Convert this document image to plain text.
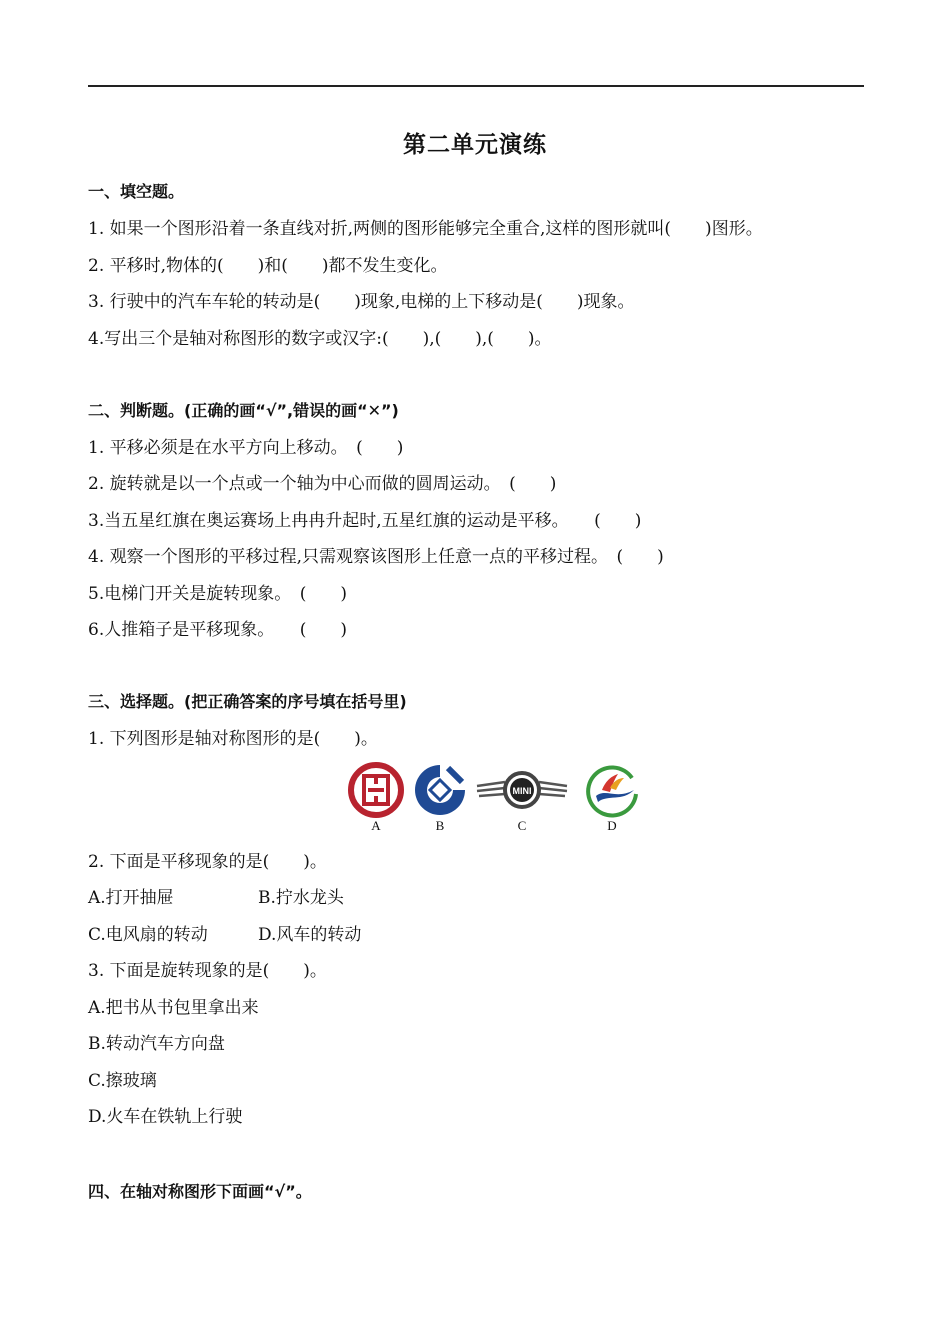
第二单元演练
一、填空题。
1. 如果一个图形沿着一条直线对折,两侧的图形能够完全重合,这样的图形就叫(　　)图形。
2. 平移时,物体的(　　)和(　　)都不发生变化。
3. 行驶中的汽车车轮的转动是(　　)现象,电梯的上下移动是(　　)现象。
4.写出三个是轴对称图形的数字或汉字:(　　),(　　),(　　)。
二、判断题。(正确的画“√”,错误的画“✕”)
1. 平移必须是在水平方向上移动。　(　　)
2. 旋转就是以一个点或一个轴为中心而做的圆周运动。　(　　)
3.当五星红旗在奥运赛场上冉冉升起时,五星红旗的运动是平移。　　(　　)
4. 观察一个图形的平移过程,只需观察该图形上任意一点的平移过程。　(　　)
5.电梯门开关是旋转现象。　(　　)
6.人推箱子是平移现象。　　(　　)
三、选择题。(把正确答案的序号填在括号里)
1. 下列图形是轴对称图形的是(　　)。
A	B
MINI
C	D
2. 下面是平移现象的是(　　)。
A.打开抽屉	B.拧水龙头
C.电风扇的转动	D.风车的转动
3. 下面是旋转现象的是(　　)。
A.把书从书包里拿出来
B.转动汽车方向盘
C.擦玻璃
D.火车在铁轨上行驶
四、在轴对称图形下面画“√”。
